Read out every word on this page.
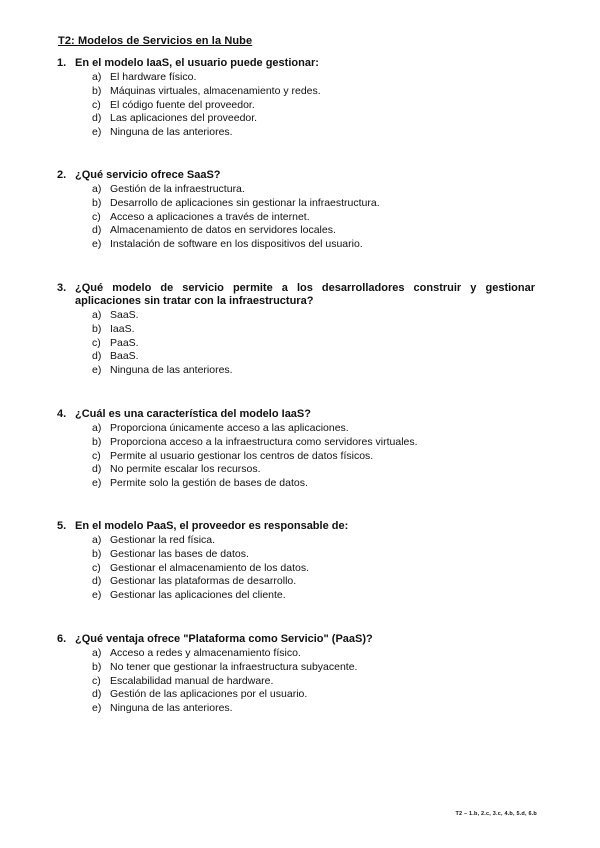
T2: Modelos de Servicios en la Nube
1. En el modelo IaaS, el usuario puede gestionar:
a) El hardware físico.
b) Máquinas virtuales, almacenamiento y redes.
c) El código fuente del proveedor.
d) Las aplicaciones del proveedor.
e) Ninguna de las anteriores.
2. ¿Qué servicio ofrece SaaS?
a) Gestión de la infraestructura.
b) Desarrollo de aplicaciones sin gestionar la infraestructura.
c) Acceso a aplicaciones a través de internet.
d) Almacenamiento de datos en servidores locales.
e) Instalación de software en los dispositivos del usuario.
3. ¿Qué modelo de servicio permite a los desarrolladores construir y gestionar aplicaciones sin tratar con la infraestructura?
a) SaaS.
b) IaaS.
c) PaaS.
d) BaaS.
e) Ninguna de las anteriores.
4. ¿Cuál es una característica del modelo IaaS?
a) Proporciona únicamente acceso a las aplicaciones.
b) Proporciona acceso a la infraestructura como servidores virtuales.
c) Permite al usuario gestionar los centros de datos físicos.
d) No permite escalar los recursos.
e) Permite solo la gestión de bases de datos.
5. En el modelo PaaS, el proveedor es responsable de:
a) Gestionar la red física.
b) Gestionar las bases de datos.
c) Gestionar el almacenamiento de los datos.
d) Gestionar las plataformas de desarrollo.
e) Gestionar las aplicaciones del cliente.
6. ¿Qué ventaja ofrece "Plataforma como Servicio" (PaaS)?
a) Acceso a redes y almacenamiento físico.
b) No tener que gestionar la infraestructura subyacente.
c) Escalabilidad manual de hardware.
d) Gestión de las aplicaciones por el usuario.
e) Ninguna de las anteriores.
T2 – 1.b, 2.c, 3.c, 4.b, 5.d, 6.b
